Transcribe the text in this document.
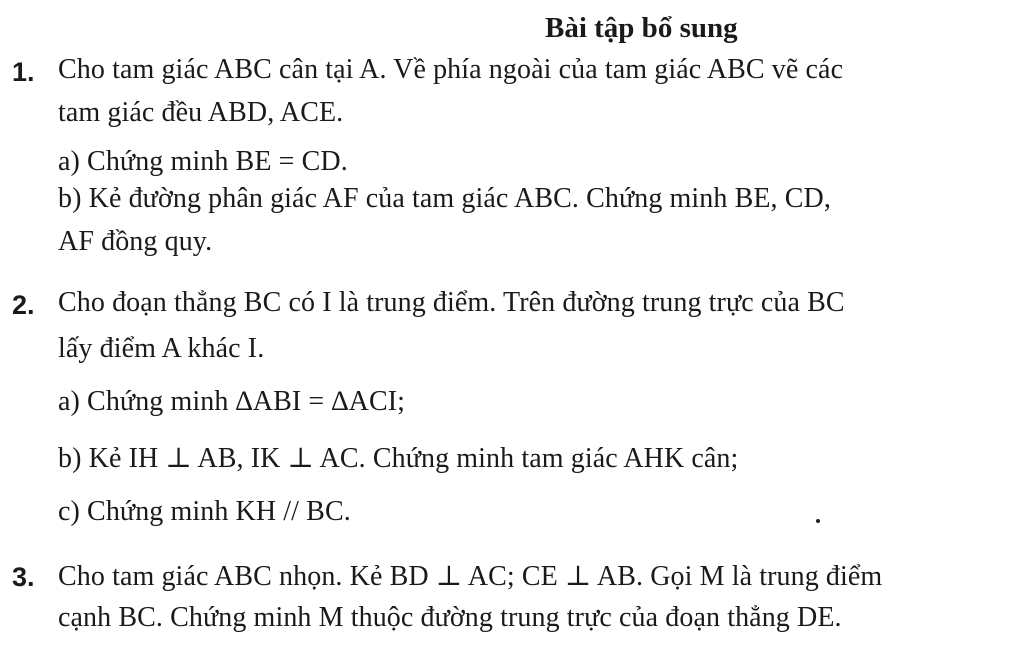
Bài tập bổ sung
1. Cho tam giác ABC cân tại A. Về phía ngoài của tam giác ABC vẽ các
tam giác đều ABD, ACE.
a) Chứng minh BE = CD.
b) Kẻ đường phân giác AF của tam giác ABC. Chứng minh BE, CD,
AF đồng quy.
2. Cho đoạn thẳng BC có I là trung điểm. Trên đường trung trực của BC
lấy điểm A khác I.
a) Chứng minh ∆ABI = ∆ACI;
b) Kẻ IH ⊥ AB, IK ⊥ AC. Chứng minh tam giác AHK cân;
c) Chứng minh KH // BC.
3. Cho tam giác ABC nhọn. Kẻ BD ⊥ AC; CE ⊥ AB. Gọi M là trung điểm
cạnh BC. Chứng minh M thuộc đường trung trực của đoạn thẳng DE.
